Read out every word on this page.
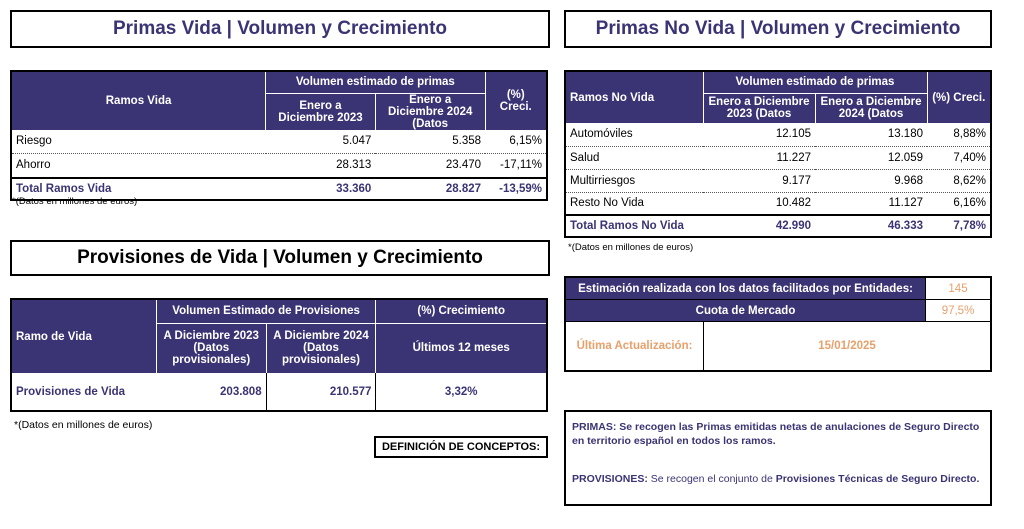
Primas Vida | Volumen y Crecimiento
Ramos Vida	Volumen estimado de primas		(%) Creci.
	Enero a Diciembre 2023	Enero a Diciembre 2024 (Datos	
Riesgo	5.047	5.358	6,15%
Ahorro	28.313	23.470	-17,11%
Total Ramos Vida	33.360	28.827	-13,59%
*(Datos en millones de euros)
Primas No Vida | Volumen y Crecimiento
Ramos No Vida	Volumen estimado de primas		(%) Creci.
	Enero a Diciembre 2023 (Datos	Enero a Diciembre 2024 (Datos	
Automóviles	12.105	13.180	8,88%
Salud	11.227	12.059	7,40%
Multirriesgos	9.177	9.968	8,62%
Resto No Vida	10.482	11.127	6,16%
Total Ramos No Vida	42.990	46.333	7,78%
*(Datos en millones de euros)
Provisiones de Vida | Volumen y Crecimiento
Ramo de Vida	Volumen Estimado de Provisiones		(%) Crecimiento
	A Diciembre 2023 (Datos provisionales)	A Diciembre 2024 (Datos provisionales)	Últimos 12 meses
Provisiones de Vida	203.808	210.577	3,32%
*(Datos en millones de euros)
DEFINICIÓN DE CONCEPTOS:
Estimación realizada con los datos facilitados por Entidades:	145
Cuota de Mercado	97,5%
Última Actualización:	15/01/2025
PRIMAS: Se recogen las Primas emitidas netas de anulaciones de Seguro Directo en territorio español en todos los ramos.
PROVISIONES: Se recogen el conjunto de Provisiones Técnicas de Seguro Directo.
